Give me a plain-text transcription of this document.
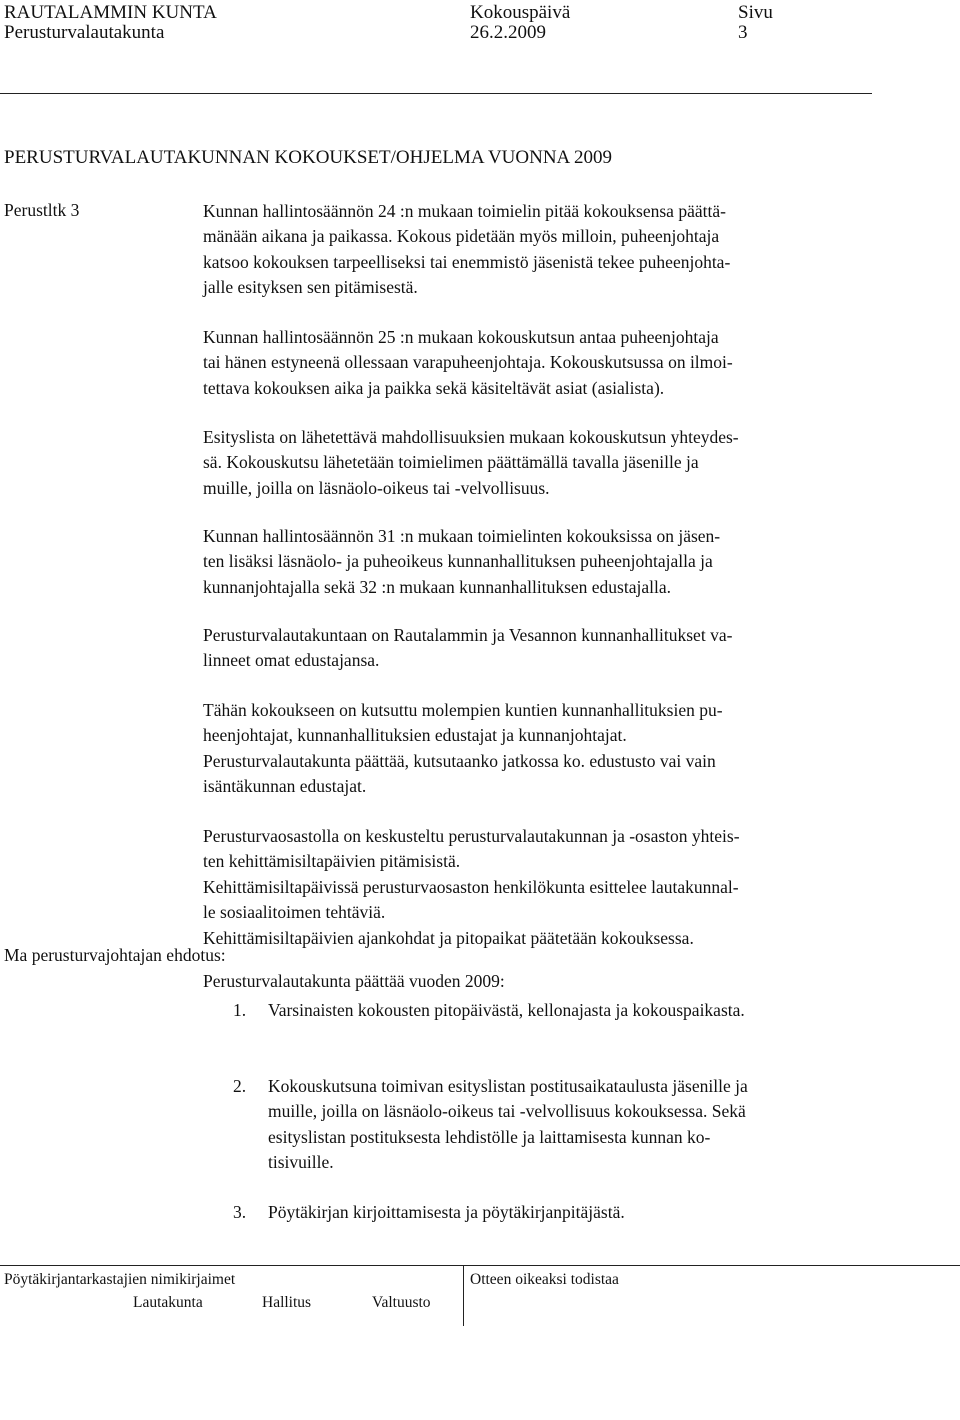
RAUTALAMMIN KUNTA
Perusturvalautakunta
Kokouspäivä
26.2.2009
Sivu
3
PERUSTURVALAUTAKUNNAN KOKOUKSET/OHJELMA VUONNA 2009
Perustltk 3	Kunnan hallintosäännön 24 :n mukaan toimielin pitää kokouksensa päättä-

mänään aikana ja paikassa. Kokous pidetään myös milloin, puheenjohtaja

katsoo kokouksen tarpeelliseksi tai enemmistö jäsenistä tekee puheenjohta-

jalle esityksen sen pitämisestä.

Kunnan hallintosäännön 25 :n mukaan kokouskutsun antaa puheenjohtaja

tai hänen estyneenä ollessaan varapuheenjohtaja. Kokouskutsussa on ilmoi-

tettava kokouksen aika ja paikka sekä käsiteltävät asiat (asialista).

Esityslista on lähetettävä mahdollisuuksien mukaan kokouskutsun yhteydes-

sä. Kokouskutsu lähetetään toimielimen päättämällä tavalla jäsenille ja

muille, joilla on läsnäolo-oikeus tai -velvollisuus.

Kunnan hallintosäännön 31 :n mukaan toimielinten kokouksissa on jäsen-

ten lisäksi läsnäolo- ja puheoikeus kunnanhallituksen puheenjohtajalla ja

kunnanjohtajalla sekä 32 :n mukaan kunnanhallituksen edustajalla.

Perusturvalautakuntaan on Rautalammin ja Vesannon kunnanhallitukset va-

linneet omat edustajansa.

Tähän kokoukseen on kutsuttu molempien kuntien kunnanhallituksien pu-

heenjohtajat, kunnanhallituksien edustajat ja kunnanjohtajat.

Perusturvalautakunta päättää, kutsutaanko jatkossa ko. edustusto vai vain

isäntäkunnan edustajat.

Perusturvaosastolla on keskusteltu perusturvalautakunnan ja -osaston yhteis-

ten kehittämisiltapäivien pitämisistä.

Kehittämisiltapäivissä perusturvaosaston henkilökunta esittelee lautakunnal-

le sosiaalitoimen tehtäviä.

Kehittämisiltapäivien ajankohdat ja pitopaikat päätetään kokouksessa.

Ma perusturvajohtajan ehdotus:
Perusturvalautakunta päättää vuoden 2009:
1. Varsinaisten kokousten pitopäivästä, kellonajasta ja kokouspaikasta.
2. Kokouskutsuna toimivan esityslistan postitusaikataulusta jäsenille ja
muille, joilla on läsnäolo-oikeus tai -velvollisuus kokouksessa. Sekä
esityslistan postituksesta lehdistölle ja laittamisesta kunnan ko-
tisivuille.
3. Pöytäkirjan kirjoittamisesta ja pöytäkirjanpitäjästä.
Pöytäkirjantarkastajien nimikirjaimet
Lautakunta	Hallitus	Valtuusto
Otteen oikeaksi todistaa
